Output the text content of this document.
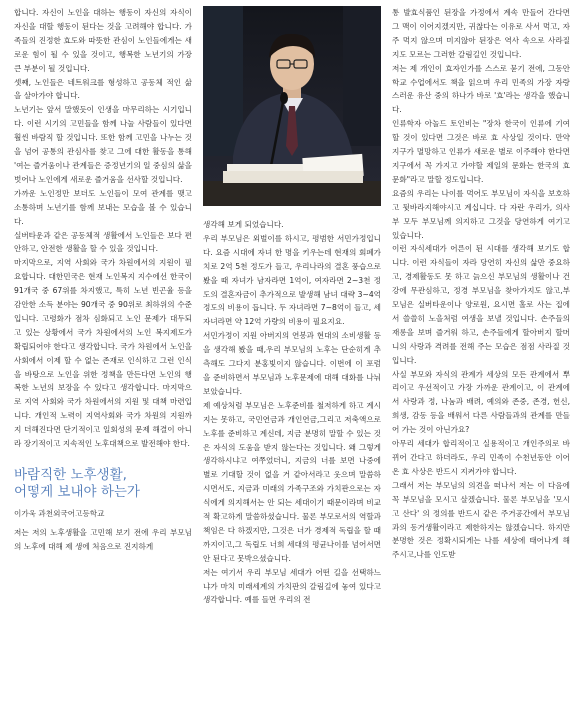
합니다. 자신이 노인을 대하는 행동이 자신의 자식이 자신을 대할 행동이 된다는 것을 고려해야 합니다. 가족들의 진정한 효도와 따뜻한 관심이 노인들에게는 새로운 힘이 될 수 있을 것이고, 행복한 노년기의 가장 큰 부분이 될 것입니다.

셋째, 노인들은 네트워크를 형성하고 공동체 적인 삶을 살아가야 합니다.

노년기는 앞서 말했듯이 인생을 마무리하는 시기입니다. 이런 시기의 고민들을 함께 나눌 사람들이 있다면 훨씬 바람직 할 것입니다. 또한 함께 고민을 나누는 것을 넘어 공통의 관심사를 찾고 그에 대한 활동을 통해 '여는 즐거움이나 관계들은 증정년기의 일 중심의 삶을 벗어나 노인에게 새로운 즐거움을 선사할 것입니다.

가까운 노인정만 보더도 노인들이 모여 관계를 맺고 소통하며 노년기를 함께 보내는 모습을 볼 수 있습니다.

실버타운과 같은 공동체적 생활에서 노인들은 보다 편안하고, 안전한 생활을 할 수 있을 것입니다.

마지막으로, 지역 사회와 국가 차원에서의 지원이 필요합니다. 대한민국은 현재 노인복지 지수에선 한국이 91개국 중 67위를 차지했고, 특히 노년 빈곤율 등을 감안한 소득 분야는 90개국 중 90위로 최하위의 수준입니다. 고령화가 점차 심화되고 노인 문제가 대두되고 있는 상황에서 국가 차원에서의 노인 복지제도가 확립되어야 한다고 생각합니다. 국가 차원에서 노인을 사회에서 이제 할 수 없는 존재로 인식하고 그런 인식을 바탕으로 노인을 위한 정책을 만든다면 노인의 행복한 노년의 보장을 수 있다고 생각합니다. 마지막으로 지역 사회와 국가 차원에서의 지원 및 대책 마련입니다. 개인적 노력이 지역사회와 국가 차원의 지원까지 더해진다면 단기적이고 일회성의 문제 해결이 아니라 장기적이고 지속적인 노후대책으로 발전해야 한다.

바람직한 노후생활,
어떻게 보내야 하는가
이가욱 과천외국어고등학교

저는 저의 노후생활을 고민해 보기 전에 우리 부모님의 노후에 대해 제 생에 처음으로 진지하게

생각해 보게 되었습니다.

우리 부모님은 외벌이를 하시고, 평범한 서민가정입니다. 요즘 시대에 자녀 한 명을 키우는데 현재의 회폐가치로 2억 5천 정도가 들고, 우리나라의 결혼 풍습으로 봤을 때 자녀가 남자라면 1억이, 여자라면 2~3천 정도의 결혼자금이 추가적으로 발생해 남녀 대략 3~4억 정도의 비용이 듭니다. 두 자녀라면 7~8억이 들고, 세자녀라면 약 12억 가량의 비용이 필요지요.

서민가정이 지원 아버지의 연봉과 현대의 소비생활 등을 생각해 봤을 때,우리 부모님의 노후는 단순히게 추측해도 그다지 분홍빛이지 않습니다. 이번에 이 포럼을 준비하면서 부모님과 노후문제에 대해 대화를 나눠보았습니다.

제 예상처럼 부모님은 노후준비를 철저하게 하고 계시지는 못하고, 국민연금과 개인연금,그리고 저축액으로 노후를 준비하고 계신데, 지금 분명히 말할 수 있는 것은 자식의 도움을 받지 않는다는 것입니다. 왜 그렇게 생각하시냐고 여쭈었더니, 지금의 너를 보면 나중에 별로 기대할 것이 없을 거 같아서라고 웃으며 말씀하시면서도, 지금과 미래의 가족구조와 가치판으로는 자식에게 의지해서는 안 되는 세대이기 때문이라며 비교적 확고하게 말씀하셨습니다. 물론 부모로서의 역할과 책임은 다 하겠지만, 그것은 너가 경제적 독립을 할 때까지이고,그 독립도 너희 세대의 평균나이를 넘어서면 안 된다고 못박으셨습니다.

저는 여기서 우리 부모님 세대가 어떤 길을 선택하느냐가 마치 미래세계의 가치판의 갈림길에 놓여 있다고 생각합니다. 예를 들면 우리의 전

통 발효식품인 된장을 가정에서 계속 만들어 간다면 그 맥이 이어지겠지만, 귀찮다는 이유로 사서 먹고, 자주 먹지 않으며 미지않아 된장은 역사 속으로 사라질지도 모르는 그러한 갈림길인 것입니다.

저는 제 개인이 효자인가를 스스로 묻기 전에, 그동안 학교 수업에서도 책을 읽으며 우리 민족의 가장 자랑스러운 유산 중의 하나가 바로 '효'라는 생각을 했습니다.

인류학자 아놀드 토인비는 "장차 한국이 인류에 기여할 것이 있다면 그것은 바로 효 사상일 것이다. 만약 지구가 멸망하고 인류가 새로운 별로 이주해야 한다면 지구에서 꼭 가지고 가야할 제일의 문화는 한국의 효 문화"라고 말할 정도입니다.

요즘의 우리는 나이를 먹어도 부모님이 자식을 보호하고 뒷바라지해야시고 계십니다. 다 자란 우리가, 의사부 모두 부모님께 의지하고 그것을 당연하게 여기고 있습니다.

이런 자식세대가 어른이 된 시대를 생각해 보기도 합니다. 이런 자식들이 자라 당연히 자신의 삶만 중요하고, 경제활동도 못 하고 늙으신 부모님의 생활이나 건강에 무관심하고, 정경 부모님을 찾아가지도 않고,부모님은 실버타운이나 양로원, 요시면 홀로 사는 집에서 쓸쓸히 노을처럼 여생을 보낼 것입니다. 손주들의 재롱을 보며 즐거워 하고, 손주들에게 할아버지 할머니의 사랑과 격려를 전해 주는 모습은 점점 사라질 것입니다.

사실 부모와 자식의 관계가 세상의 모든 관계에서 뿌리이고 우선적이고 가장 가까운 관계이고, 이 관계에서 사랑과 정, 나눔과 배려, 예의와 존중, 존경, 헌신, 희생, 감동 등을 배워서 다른 사람들과의 관계를 만들어 가는 것이 아닌가요?

아무리 세대가 합리적이고 실용적이고 개인주의로 바뀌어 간다고 하더라도, 우리 민족이 수천년동안 이어 온 효 사상은 반드시 지켜가야 합니다.

그래서 저는 부모님의 의견을 떠나서 저는 이 다음에 꼭 부모님을 모시고 살겠습니다. 물론 부모님을 '모시고 산다' 의 정의를 반드시 같은 주거공간에서 부모님과의 동거생활이라고 제한하지는 않겠습니다. 하지만 분명한 것은 정확시되게는 나를 세상에 태어나게 해 주시고,나를 인도받
